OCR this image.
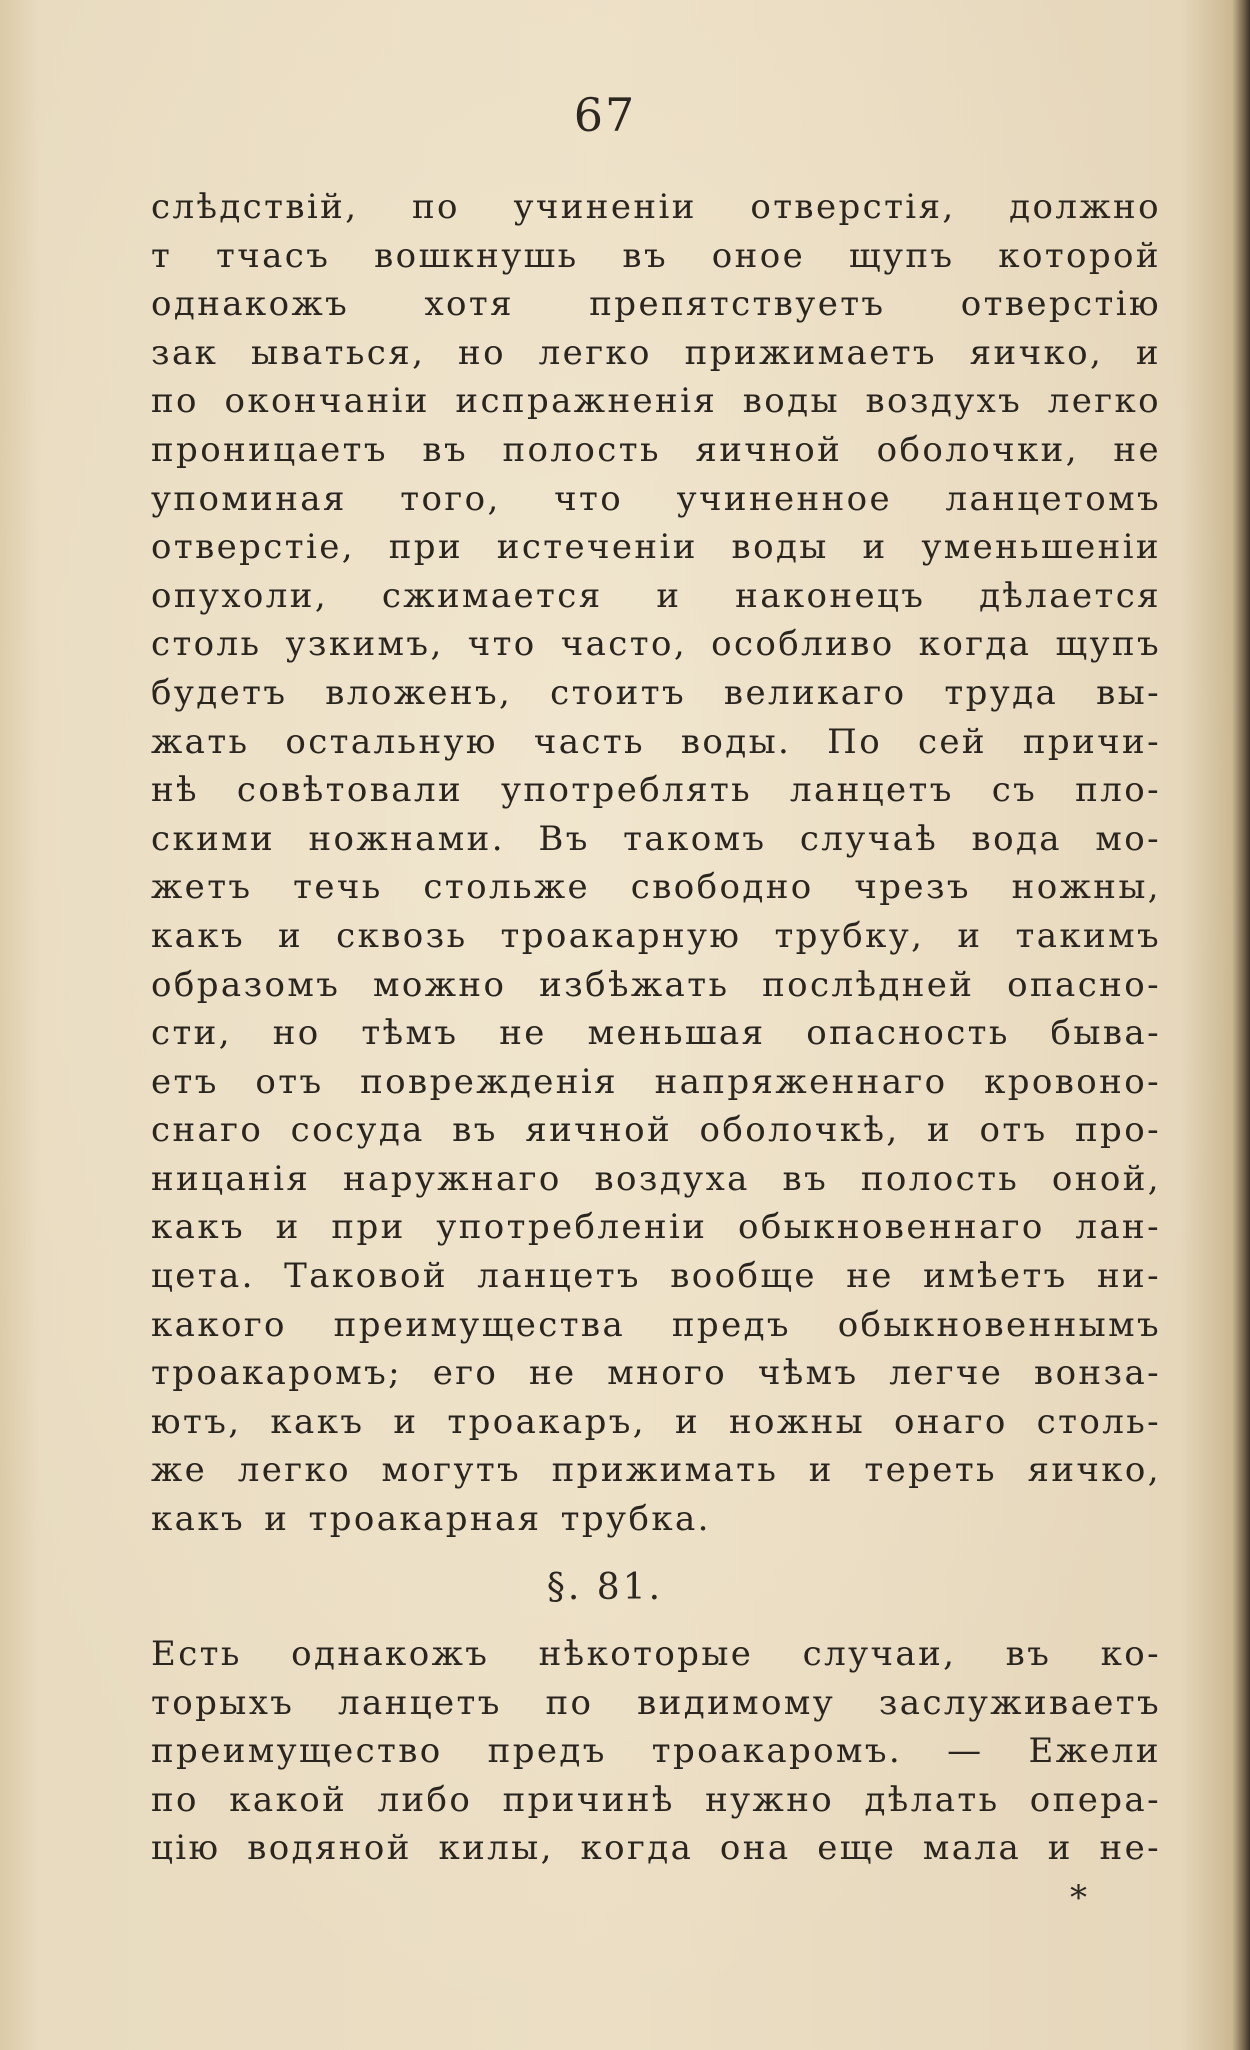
67
слѣдствій, по учиненіи отверстія, должно
т тчасъ вошкнушь въ оное щупъ которой
однакожъ хотя препятствуетъ отверстію
зак ываться, но легко прижимаетъ яичко, и
по окончаніи испражненія воды воздухъ легко
проницаетъ въ полость яичной оболочки, не
упоминая того, что учиненное ланцетомъ
отверстіе, при истеченіи воды и уменьшеніи
опухоли, сжимается и наконецъ дѣлается
столь узкимъ, что часто, особливо когда щупъ
будетъ вложенъ, стоитъ великаго труда вы-
жать остальную часть воды. По сей причи-
нѣ совѣтовали употреблять ланцетъ съ пло-
скими ножнами. Въ такомъ случаѣ вода мо-
жетъ течь стольже свободно чрезъ ножны,
какъ и сквозь троакарную трубку, и такимъ
образомъ можно избѣжать послѣдней опасно-
сти, но тѣмъ не меньшая опасность быва-
етъ отъ поврежденія напряженнаго кровоно-
снаго сосуда въ яичной оболочкѣ, и отъ про-
ницанія наружнаго воздуха въ полость оной,
какъ и при употребленіи обыкновеннаго лан-
цета. Таковой ланцетъ вообще не имѣетъ ни-
какого преимущества предъ обыкновеннымъ
троакаромъ; его не много чѣмъ легче вонза-
ютъ, какъ и троакаръ, и ножны онаго столь-
же легко могутъ прижимать и тереть яичко,
какъ и троакарная трубка.
§. 81.
Есть однакожъ нѣкоторые случаи, въ ко-
торыхъ ланцетъ по видимому заслуживаетъ
преимущество предъ троакаромъ. — Ежели
по какой либо причинѣ нужно дѣлать опера-
цію водяной килы, когда она еще мала и не-
*
